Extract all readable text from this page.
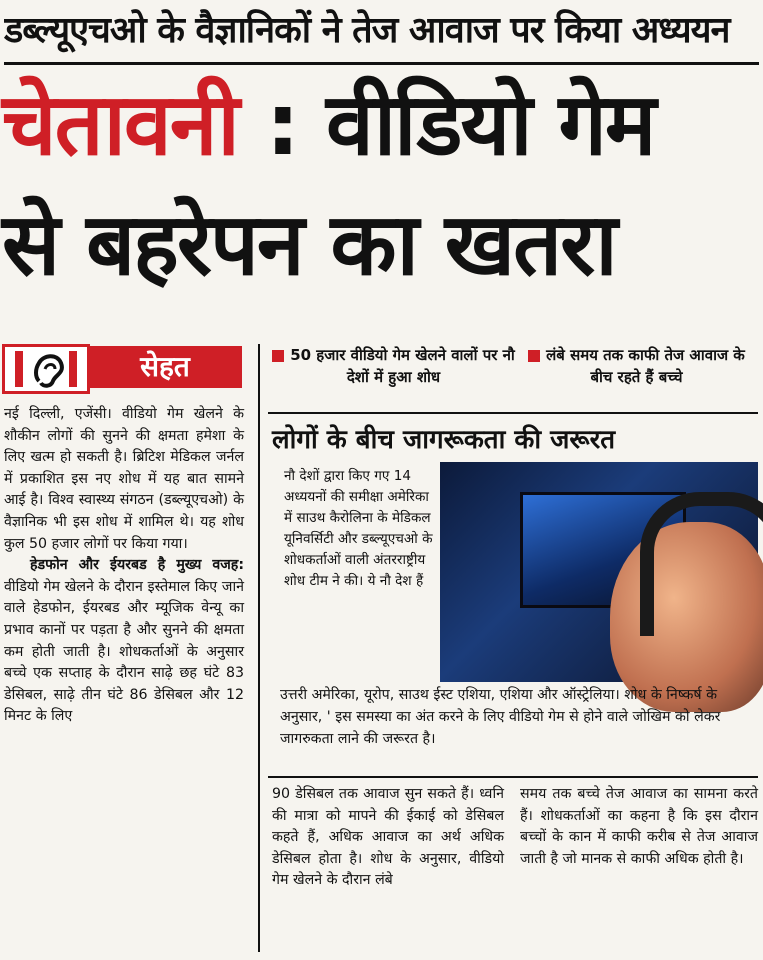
डब्ल्यूएचओ के वैज्ञानिकों ने तेज आवाज पर किया अध्ययन
चेतावनी : वीडियो गेम
से बहरेपन का खतरा
सेहत

नई दिल्ली, एजेंसी। वीडियो गेम खेलने के शौकीन लोगों की सुनने की क्षमता हमेशा के लिए खत्म हो सकती है। ब्रिटिश मेडिकल जर्नल में प्रकाशित इस नए शोध में यह बात सामने आई है। विश्व स्वास्थ्य संगठन (डब्ल्यूएचओ) के वैज्ञानिक भी इस शोध में शामिल थे। यह शोध कुल 50 हजार लोगों पर किया गया।

हेडफोन और ईयरबड है मुख्य वजह: वीडियो गेम खेलने के दौरान इस्तेमाल किए जाने वाले हेडफोन, ईयरबड और म्यूजिक वेन्यू का प्रभाव कानों पर पड़ता है और सुनने की क्षमता कम होती जाती है। शोधकर्ताओं के अनुसार बच्चे एक सप्ताह के दौरान साढ़े छह घंटे 83 डेसिबल, साढ़े तीन घंटे 86 डेसिबल और 12 मिनट के लिए

50 हजार वीडियो गेम खेलने वालों पर नौ देशों में हुआ शोध
लंबे समय तक काफी तेज आवाज के बीच रहते हैं बच्चे
लोगों के बीच जागरूकता की जरूरत
नौ देशों द्वारा किए गए 14 अध्ययनों की समीक्षा अमेरिका में साउथ कैरोलिना के मेडिकल यूनिवर्सिटी और डब्ल्यूएचओ के शोधकर्ताओं वाली अंतरराष्ट्रीय शोध टीम ने की। ये नौ देश हैं
उत्तरी अमेरिका, यूरोप, साउथ ईस्ट एशिया, एशिया और ऑस्ट्रेलिया। शोध के निष्कर्ष के अनुसार, ' इस समस्या का अंत करने के लिए वीडियो गेम से होने वाले जोखिम को लेकर जागरुकता लाने की जरूरत है।
90 डेसिबल तक आवाज सुन सकते हैं। ध्वनि की मात्रा को मापने की ईकाई को डेसिबल कहते हैं, अधिक आवाज का अर्थ अधिक डेसिबल होता है। शोध के अनुसार, वीडियो गेम खेलने के दौरान लंबे
समय तक बच्चे तेज आवाज का सामना करते हैं। शोधकर्ताओं का कहना है कि इस दौरान बच्चों के कान में काफी करीब से तेज आवाज जाती है जो मानक से काफी अधिक होती है।
